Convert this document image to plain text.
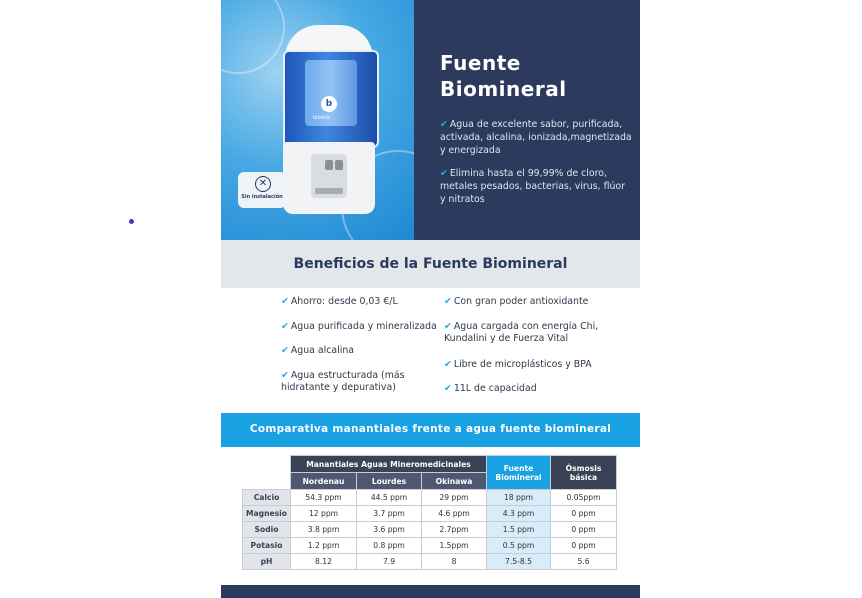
b
biomix
✕
Sin instalación
Fuente
Biomineral
✔ Agua de excelente sabor, purificada, activada, alcalina, ionizada,magnetizada y energizada
✔ Elimina hasta el 99,99% de cloro, metales pesados, bacterias, virus, flúor y nitratos
Beneficios de la Fuente Biomineral
✔ Ahorro: desde 0,03 €/L
✔ Agua purificada y mineralizada
✔ Agua alcalina
✔ Agua estructurada (más hidratante y depurativa)
✔ Con gran poder antioxidante
✔ Agua cargada con energía Chi, Kundalini y de Fuerza Vital
✔ Libre de microplásticos y BPA
✔ 11L de capacidad
Comparativa manantiales frente a agua fuente biomineral
	Manantiales Aguas Mineromedicinales			Fuente Biomineral	Ósmosis básica
	Nordenau	Lourdes	Okinawa		
Calcio	54.3 ppm	44.5 ppm	29 ppm	18 ppm	0.05ppm
Magnesio	12 ppm	3.7 ppm	4.6 ppm	4.3 ppm	0 ppm
Sodio	3.8 ppm	3.6 ppm	2.7ppm	1.5 ppm	0 ppm
Potasio	1.2 ppm	0.8 ppm	1.5ppm	0.5 ppm	0 ppm
pH	8.12	7.9	8	7.5-8.5	5.6
